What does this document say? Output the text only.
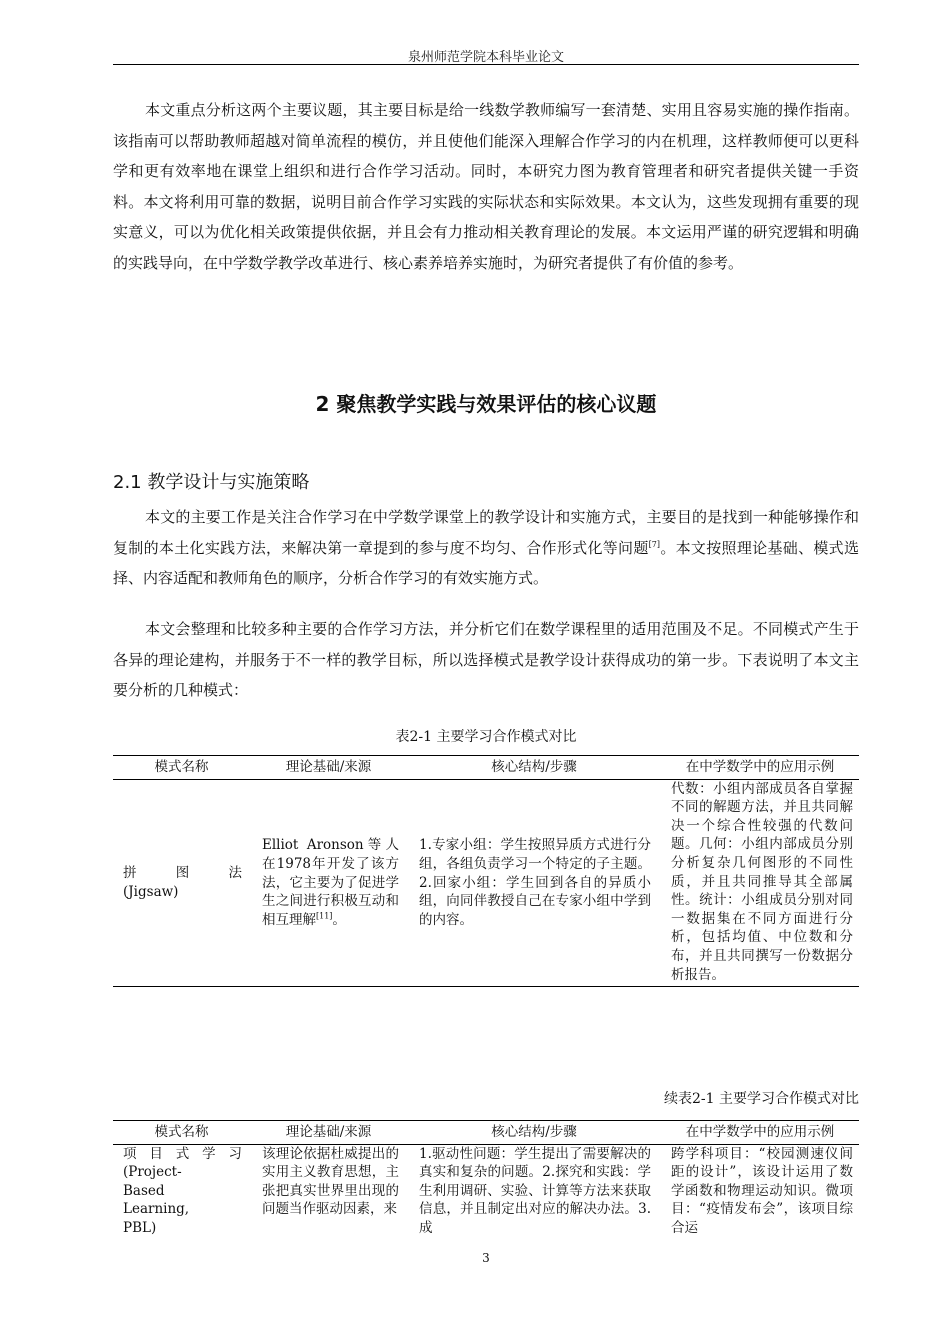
泉州师范学院本科毕业论文

本文重点分析这两个主要议题，其主要目标是给一线数学教师编写一套清楚、实用且容易实施的操作指南。该指南可以帮助教师超越对简单流程的模仿，并且使他们能深入理解合作学习的内在机理，这样教师便可以更科学和更有效率地在课堂上组织和进行合作学习活动。同时，本研究力图为教育管理者和研究者提供关键一手资料。本文将利用可靠的数据，说明目前合作学习实践的实际状态和实际效果。本文认为，这些发现拥有重要的现实意义，可以为优化相关政策提供依据，并且会有力推动相关教育理论的发展。本文运用严谨的研究逻辑和明确的实践导向，在中学数学教学改革进行、核心素养培养实施时，为研究者提供了有价值的参考。

2 聚焦教学实践与效果评估的核心议题
2.1 教学设计与实施策略

本文的主要工作是关注合作学习在中学数学课堂上的教学设计和实施方式，主要目的是找到一种能够操作和复制的本土化实践方法，来解决第一章提到的参与度不均匀、合作形式化等问题[7]。本文按照理论基础、模式选择、内容适配和教师角色的顺序，分析合作学习的有效实施方式。

本文会整理和比较多种主要的合作学习方法，并分析它们在数学课程里的适用范围及不足。不同模式产生于各异的理论建构，并服务于不一样的教学目标，所以选择模式是教学设计获得成功的第一步。下表说明了本文主要分析的几种模式：

表2-1 主要学习合作模式对比
模式名称	理论基础/来源	核心结构/步骤	在中学数学中的应用示例

拼图法
(Jigsaw)	Elliot Aronson等人在1978年开发了该方法，它主要为了促进学生之间进行积极互动和相互理解[11]。	1.专家小组：学生按照异质方式进行分组，各组负责学习一个特定的子主题。2.回家小组：学生回到各自的异质小组，向同伴教授自己在专家小组中学到的内容。	代数：小组内部成员各自掌握不同的解题方法，并且共同解决一个综合性较强的代数问题。几何：小组内部成员分别分析复杂几何图形的不同性质，并且共同推导其全部属性。统计：小组成员分别对同一数据集在不同方面进行分析，包括均值、中位数和分布，并且共同撰写一份数据分析报告。
续表2-1 主要学习合作模式对比
模式名称	理论基础/来源	核心结构/步骤	在中学数学中的应用示例

项目式学习
(Project-Based Learning, PBL)	该理论依据杜威提出的实用主义教育思想，主张把真实世界里出现的问题当作驱动因素，来	1.驱动性问题：学生提出了需要解决的真实和复杂的问题。2.探究和实践：学生利用调研、实验、计算等方法来获取信息，并且制定出对应的解决办法。3.成	跨学科项目：“校园测速仪间距的设计”，该设计运用了数学函数和物理运动知识。微项目：“疫情发布会”，该项目综合运
3
